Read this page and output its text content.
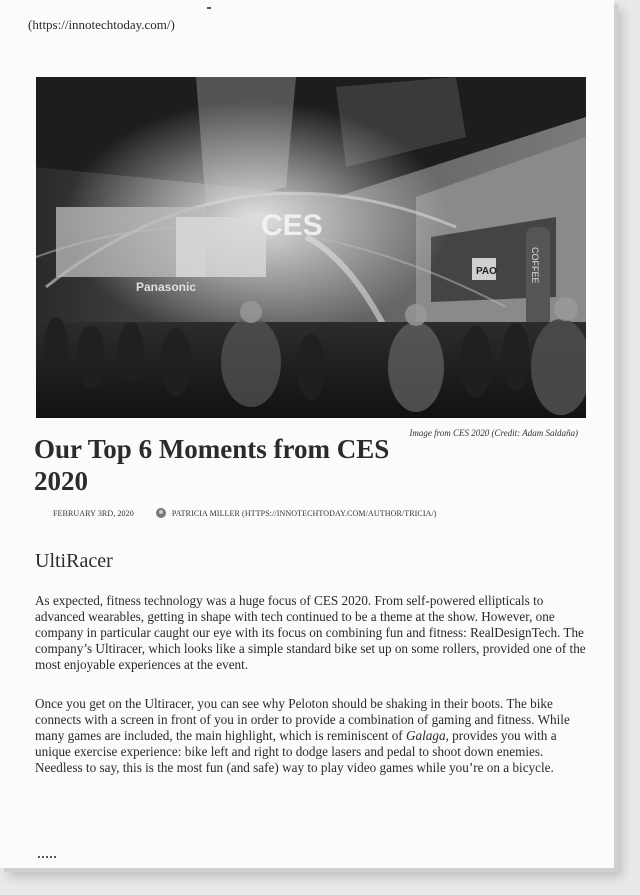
(https://innotechtoday.com/)

CES
Panasonic
PAO	COFFEE

Image from CES 2020 (Credit: Adam Saldaña)

Our Top 6 Moments from CES 2020
FEBRUARY 3RD, 2020	PATRICIA MILLER (HTTPS://INNOTECHTODAY.COM/AUTHOR/TRICIA/)
UltiRacer

As expected, fitness technology was a huge focus of CES 2020. From self-powered ellipticals to advanced wearables, getting in shape with tech continued to be a theme at the show. However, one company in particular caught our eye with its focus on combining fun and fitness: RealDesignTech. The company’s Ultiracer, which looks like a simple standard bike set up on some rollers, provided one of the most enjoyable experiences at the event.

Once you get on the Ultiracer, you can see why Peloton should be shaking in their boots. The bike connects with a screen in front of you in order to provide a combination of gaming and fitness. While many games are included, the main highlight, which is reminiscent of Galaga, provides you with a unique exercise experience: bike left and right to dodge lasers and pedal to shoot down enemies. Needless to say, this is the most fun (and safe) way to play video games while you’re on a bicycle.
